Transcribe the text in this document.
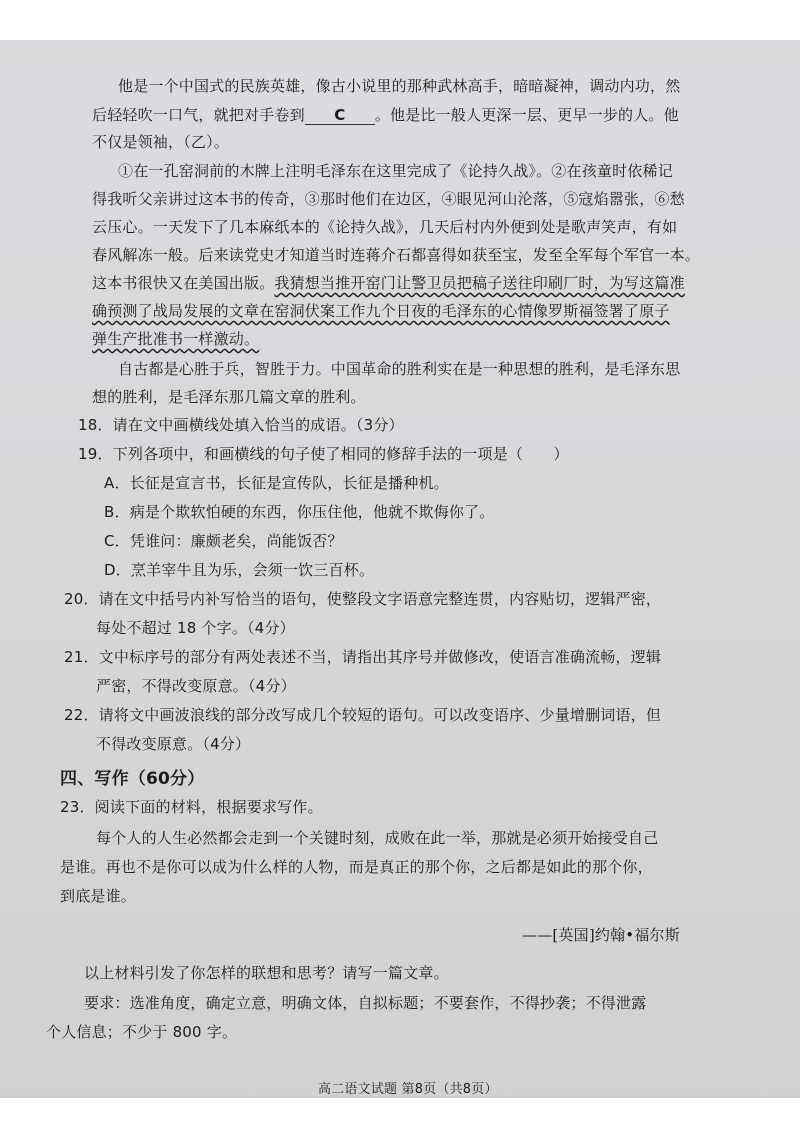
他是一个中国式的民族英雄，像古小说里的那种武林高手，暗暗凝神，调动内功，然
后轻轻吹一口气，就把对手卷到 C 。他是比一般人更深一层、更早一步的人。他
不仅是领袖，（乙）。
①在一孔窑洞前的木牌上注明毛泽东在这里完成了《论持久战》。②在孩童时依稀记
得我听父亲讲过这本书的传奇，③那时他们在边区，④眼见河山沦落，⑤寇焰嚣张，⑥愁
云压心。一天发下了几本麻纸本的《论持久战》，几天后村内外便到处是歌声笑声，有如
春风解冻一般。后来读党史才知道当时连蒋介石都喜得如获至宝，发至全军每个军官一本。
这本书很快又在美国出版。我猜想当推开窑门让警卫员把稿子送往印刷厂时，为写这篇准
确预测了战局发展的文章在窑洞伏案工作九个日夜的毛泽东的心情像罗斯福签署了原子
弹生产批准书一样激动。
自古都是心胜于兵，智胜于力。中国革命的胜利实在是一种思想的胜利，是毛泽东思
想的胜利，是毛泽东那几篇文章的胜利。
18．请在文中画横线处填入恰当的成语。（3分）
19．下列各项中，和画横线的句子使了相同的修辞手法的一项是（　　）
A．长征是宣言书，长征是宣传队，长征是播种机。
B．病是个欺软怕硬的东西，你压住他，他就不欺侮你了。
C．凭谁问：廉颇老矣，尚能饭否？
D．烹羊宰牛且为乐，会须一饮三百杯。
20．请在文中括号内补写恰当的语句，使整段文字语意完整连贯，内容贴切，逻辑严密，
每处不超过 18 个字。（4分）
21．文中标序号的部分有两处表述不当，请指出其序号并做修改，使语言准确流畅，逻辑
严密，不得改变原意。（4分）
22．请将文中画波浪线的部分改写成几个较短的语句。可以改变语序、少量增删词语，但
不得改变原意。（4分）
四、写作（60分）
23．阅读下面的材料，根据要求写作。
每个人的人生必然都会走到一个关键时刻，成败在此一举，那就是必须开始接受自己
是谁。再也不是你可以成为什么样的人物，而是真正的那个你，之后都是如此的那个你，
到底是谁。
——[英国]约翰•福尔斯
以上材料引发了你怎样的联想和思考？请写一篇文章。
要求：选准角度，确定立意，明确文体，自拟标题；不要套作，不得抄袭；不得泄露
个人信息；不少于 800 字。
高二语文试题 第8页（共8页）
